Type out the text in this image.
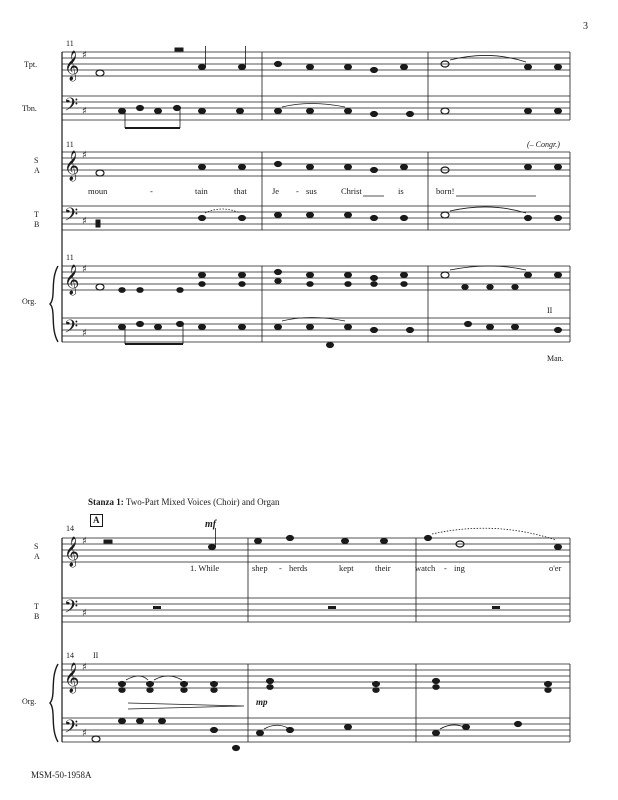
3
𝄞
𝄢
𝄞
𝄢
𝄞
𝄢
♯
♯
♯
♯
♯
♯
11
11
11
Tpt.
Tbn.
S
A
T
B
Org.
(– Congr.)
II
Man.
moun	-	tain	that	Je - sus	Christ	is	born!
Stanza 1: Two-Part Mixed Voices (Choir) and Organ
A
𝄞
𝄢
𝄞
𝄢
♯
♯
♯
♯
14
14
S
A
T
B
Org.
mf
mp
II
1. While	shep - herds	kept	their	watch - ing	o'er
MSM-50-1958A
